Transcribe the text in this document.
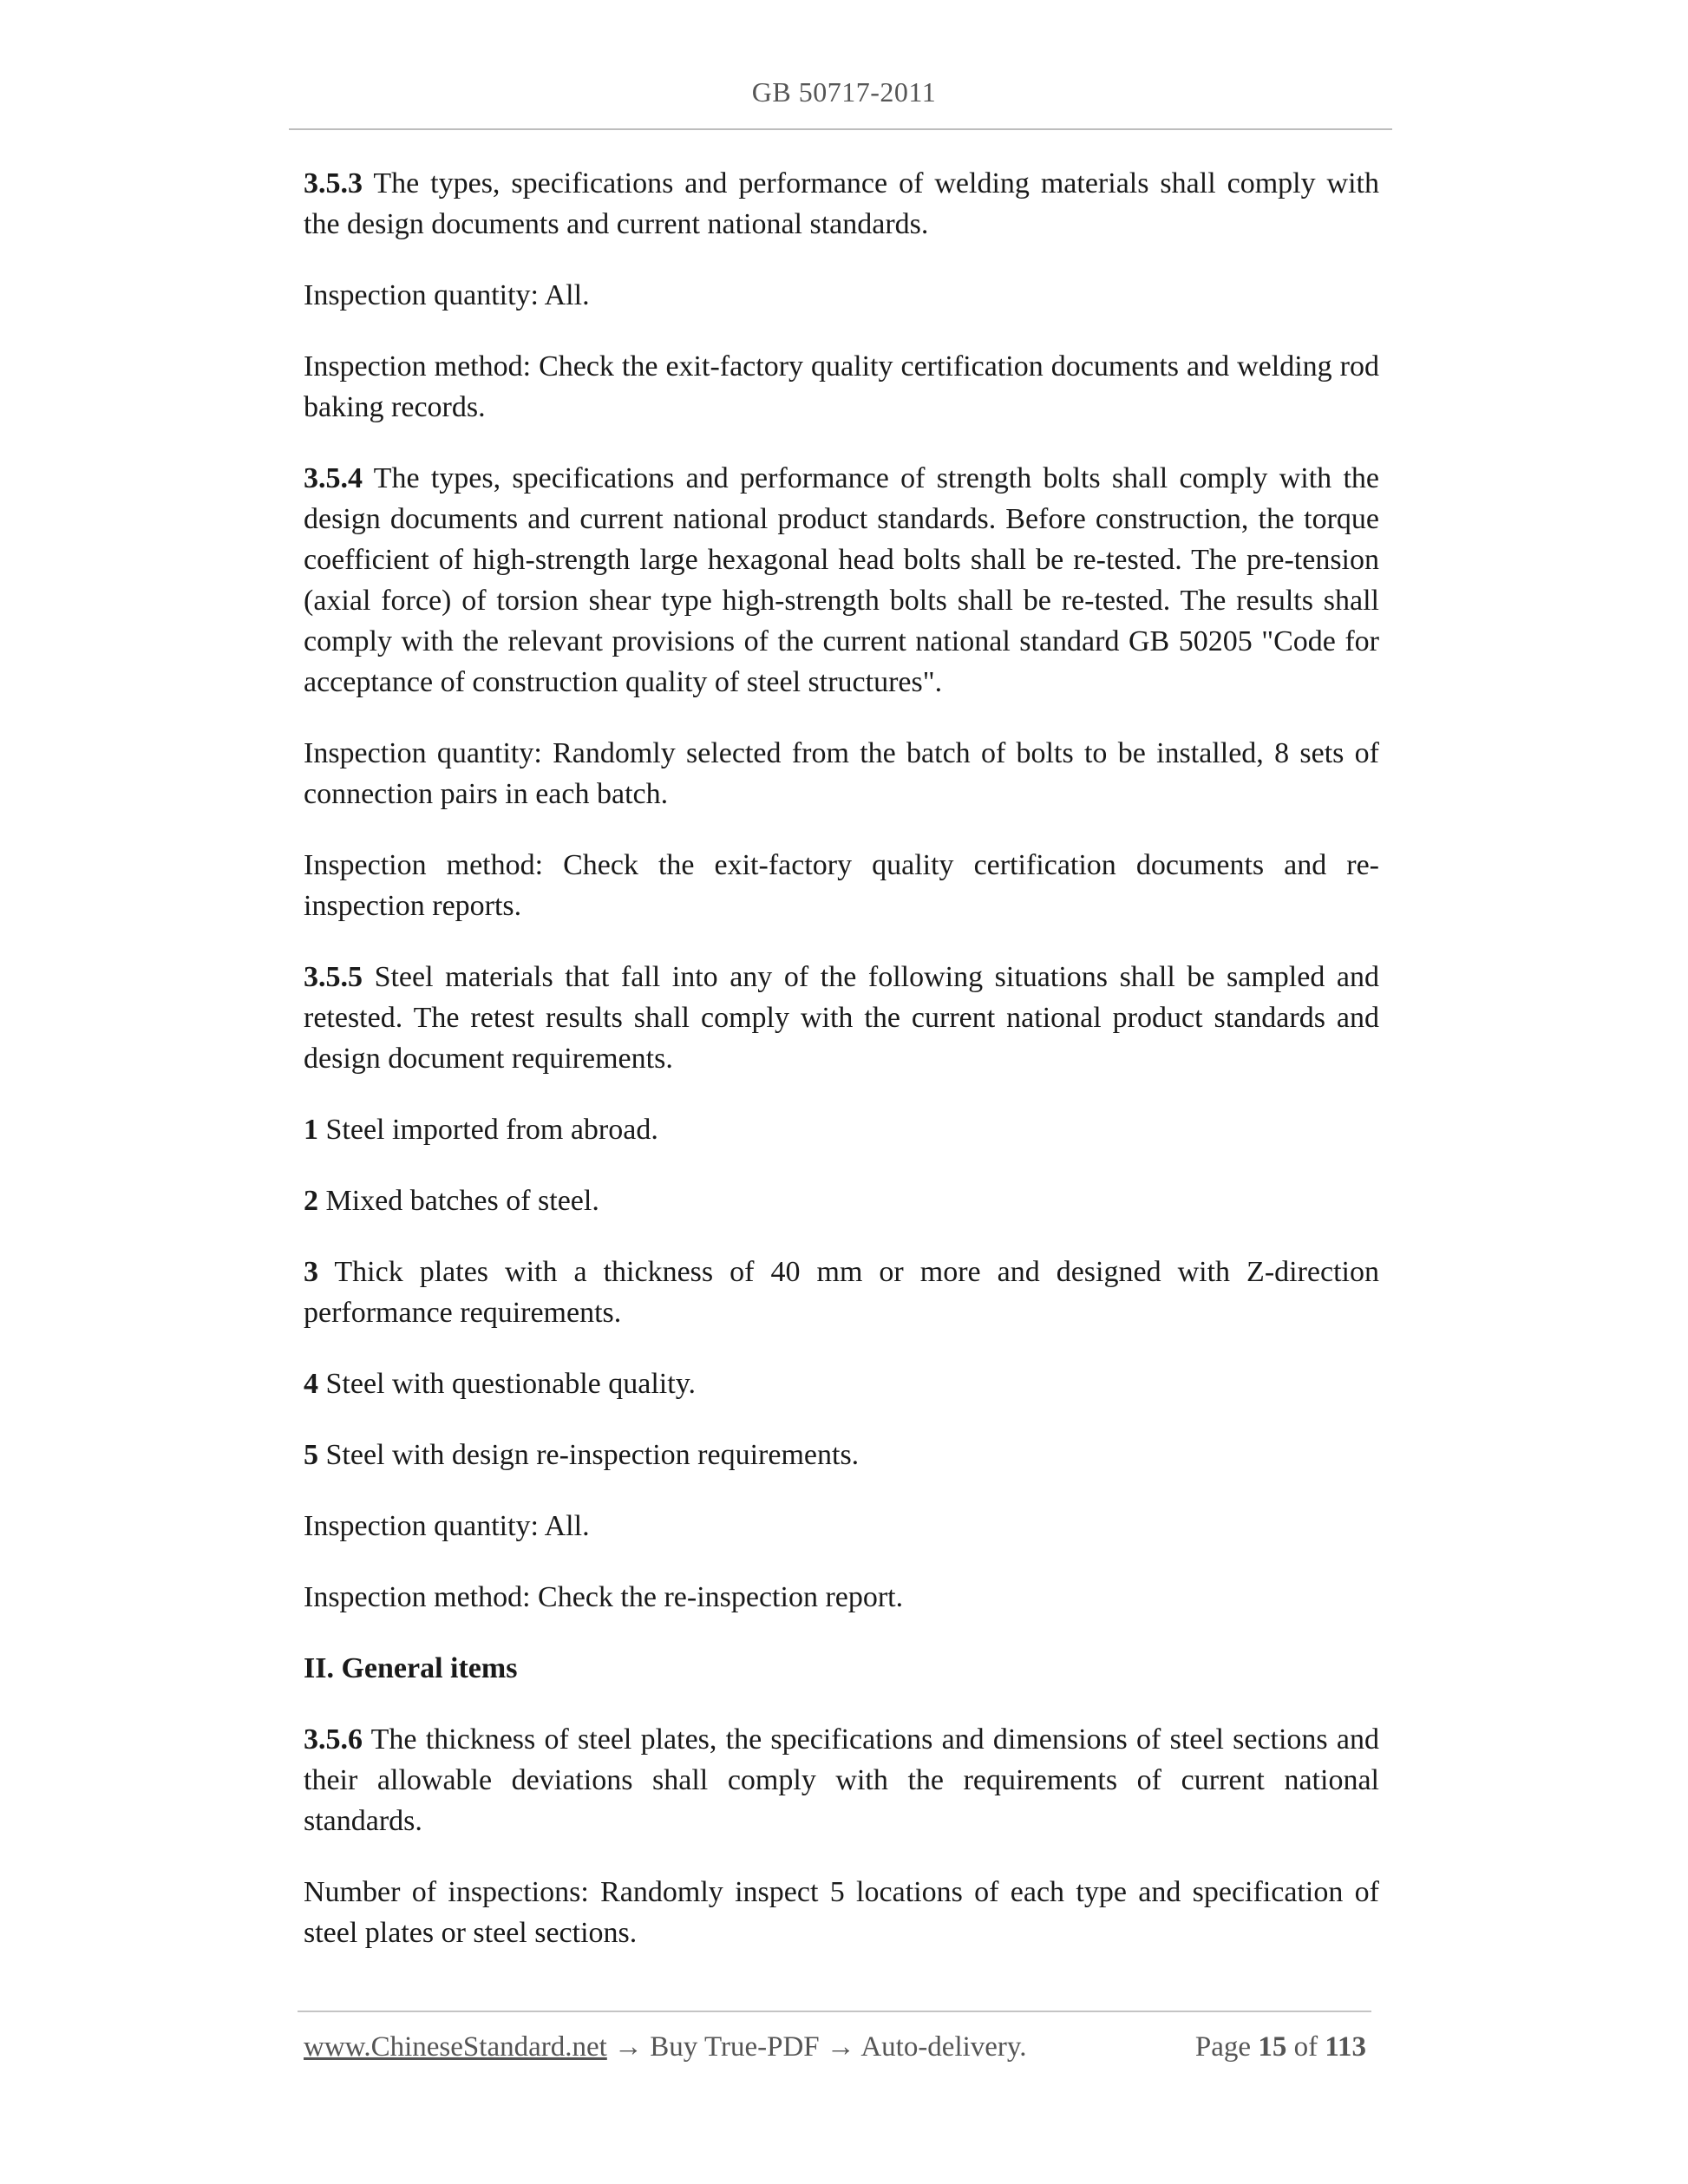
GB 50717-2011

3.5.3 The types, specifications and performance of welding materials shall comply with the design documents and current national standards.

Inspection quantity: All.

Inspection method: Check the exit-factory quality certification documents and welding rod baking records.

3.5.4 The types, specifications and performance of strength bolts shall comply with the design documents and current national product standards. Before construction, the torque coefficient of high-strength large hexagonal head bolts shall be re-tested. The pre-tension (axial force) of torsion shear type high-strength bolts shall be re-tested. The results shall comply with the relevant provisions of the current national standard GB 50205 "Code for acceptance of construction quality of steel structures".

Inspection quantity: Randomly selected from the batch of bolts to be installed, 8 sets of connection pairs in each batch.

Inspection method: Check the exit-factory quality certification documents and re-inspection reports.

3.5.5 Steel materials that fall into any of the following situations shall be sampled and retested. The retest results shall comply with the current national product standards and design document requirements.

1 Steel imported from abroad.

2 Mixed batches of steel.

3 Thick plates with a thickness of 40 mm or more and designed with Z-direction performance requirements.

4 Steel with questionable quality.

5 Steel with design re-inspection requirements.

Inspection quantity: All.

Inspection method: Check the re-inspection report.

II. General items

3.5.6 The thickness of steel plates, the specifications and dimensions of steel sections and their allowable deviations shall comply with the requirements of current national standards.

Number of inspections: Randomly inspect 5 locations of each type and specification of steel plates or steel sections.

www.ChineseStandard.net → Buy True-PDF → Auto-delivery.	Page 15 of 113
